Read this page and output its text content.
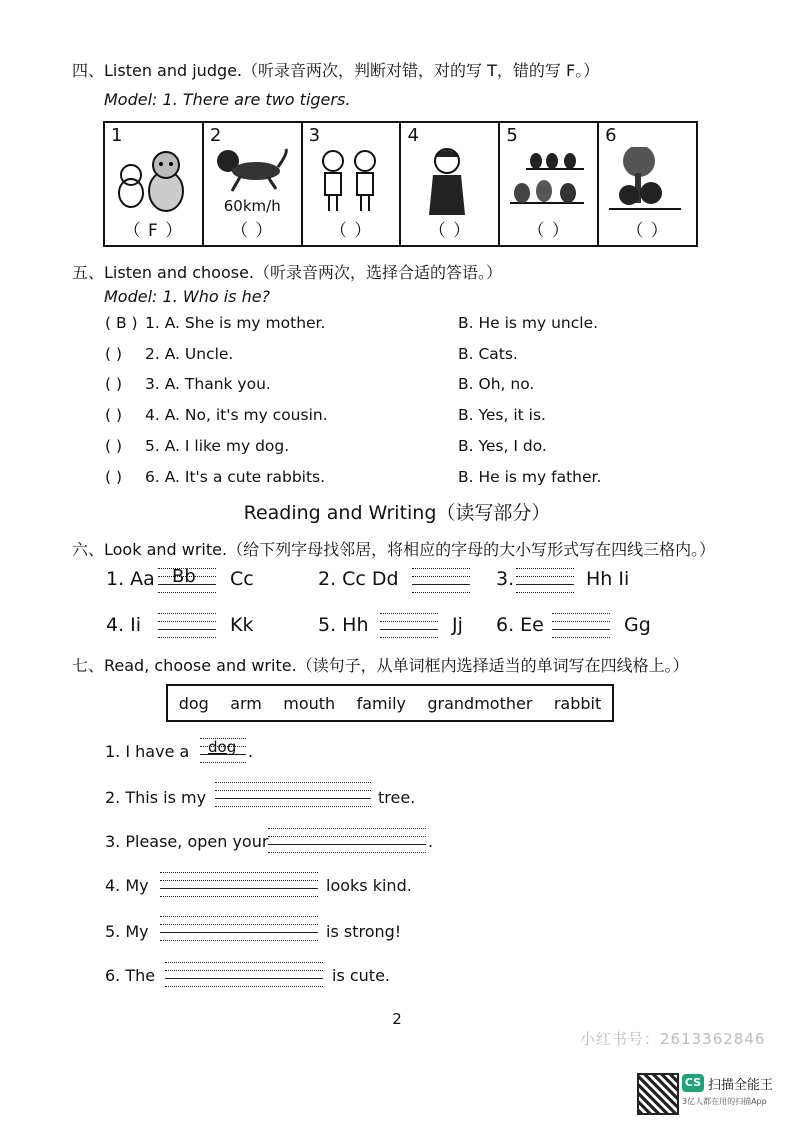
四、Listen and judge.（听录音两次，判断对错，对的写 T，错的写 F。）
Model: 1. There are two tigers.
1
（ F ）
2
60km/h
（ ）
3
（ ）
4
（ ）
5
（ ）
6
（ ）
五、Listen and choose.（听录音两次，选择合适的答语。）
Model: 1. Who is he?
( B ) 1. A. She is my mother.	B. He is my uncle.
( )	2. A. Uncle.	B. Cats.
( )	3. A. Thank you.	B. Oh, no.
( )	4. A. No, it's my cousin.	B. Yes, it is.
( )	5. A. I like my dog.	B. Yes, I do.
( )	6. A. It's a cute rabbits.	B. He is my father.
Reading and Writing（读写部分）
六、Look and write.（给下列字母找邻居，将相应的字母的大小写形式写在四线三格内。）
1. Aa Bb Cc	2. Cc Dd	3.	Hh Ii
4. Ii	Kk	5. Hh	Jj 6. Ee	Gg
七、Read, choose and write.（读句子，从单词框内选择适当的单词写在四线格上。）
dog arm mouth family grandmother rabbit
1. I have a dog .
2. This is my	tree.
3. Please, open your	.
4. My	looks kind.
5. My	is strong!
6. The	is cute.
2
小红书号：2613362846
CS 扫描全能王
3亿人都在用的扫描App
